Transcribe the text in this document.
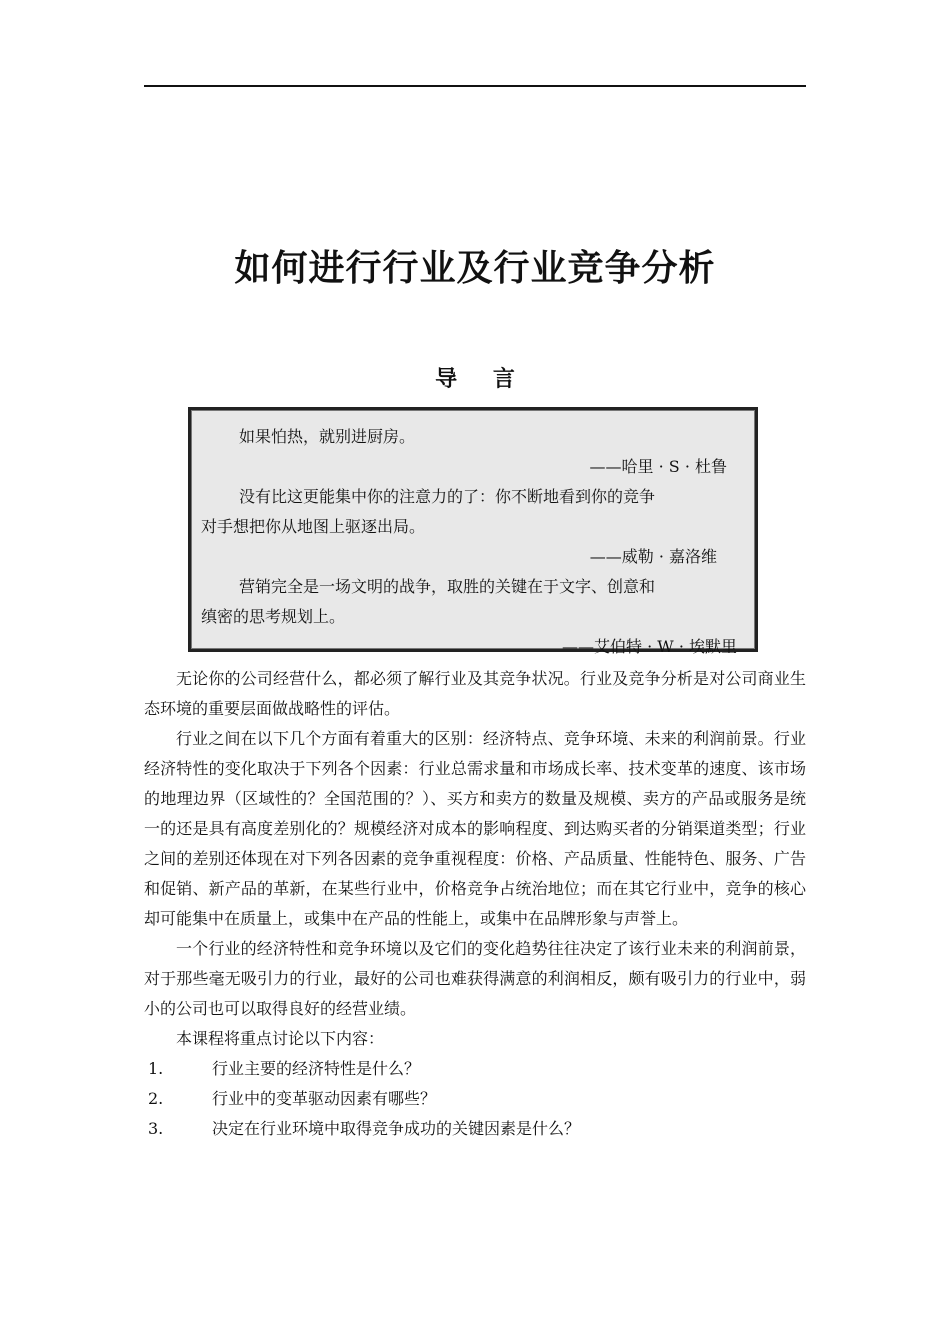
如何进行行业及行业竞争分析
导 言
如果怕热，就别进厨房。
——哈里 · S · 杜鲁
没有比这更能集中你的注意力的了：你不断地看到你的竞争
对手想把你从地图上驱逐出局。
——威勒 · 嘉洛维
营销完全是一场文明的战争，取胜的关键在于文字、创意和
缜密的思考规划上。
——艾伯特 · W · 埃默里

无论你的公司经营什么，都必须了解行业及其竞争状况。行业及竞争分析是对公司商业生态环境的重要层面做战略性的评估。

行业之间在以下几个方面有着重大的区别：经济特点、竞争环境、未来的利润前景。行业经济特性的变化取决于下列各个因素：行业总需求量和市场成长率、技术变革的速度、该市场的地理边界（区域性的？全国范围的？）、买方和卖方的数量及规模、卖方的产品或服务是统一的还是具有高度差别化的？规模经济对成本的影响程度、到达购买者的分销渠道类型；行业之间的差别还体现在对下列各因素的竞争重视程度：价格、产品质量、性能特色、服务、广告和促销、新产品的革新，在某些行业中，价格竞争占统治地位；而在其它行业中，竞争的核心却可能集中在质量上，或集中在产品的性能上，或集中在品牌形象与声誉上。

一个行业的经济特性和竞争环境以及它们的变化趋势往往决定了该行业未来的利润前景，对于那些毫无吸引力的行业，最好的公司也难获得满意的利润相反，颇有吸引力的行业中，弱小的公司也可以取得良好的经营业绩。

本课程将重点讨论以下内容：

1.	行业主要的经济特性是什么？
2.	行业中的变革驱动因素有哪些？
3.	决定在行业环境中取得竞争成功的关键因素是什么？
